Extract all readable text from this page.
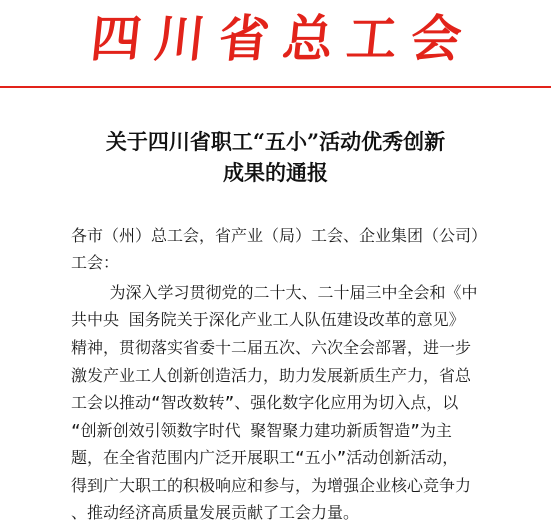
四川省总工会
关于四川省职工“五小”活动优秀创新
成果的通报
各市（州）总工会，省产业（局）工会、企业集团（公司）
工会：
为深入学习贯彻党的二十大、二十届三中全会和《中
共中央 国务院关于深化产业工人队伍建设改革的意见》
精神，贯彻落实省委十二届五次、六次全会部署，进一步
激发产业工人创新创造活力，助力发展新质生产力，省总
工会以推动“智改数转”、强化数字化应用为切入点，以
“创新创效引领数字时代 聚智聚力建功新质智造”为主
题，在全省范围内广泛开展职工“五小”活动创新活动，
得到广大职工的积极响应和参与，为增强企业核心竞争力
、推动经济高质量发展贡献了工会力量。
